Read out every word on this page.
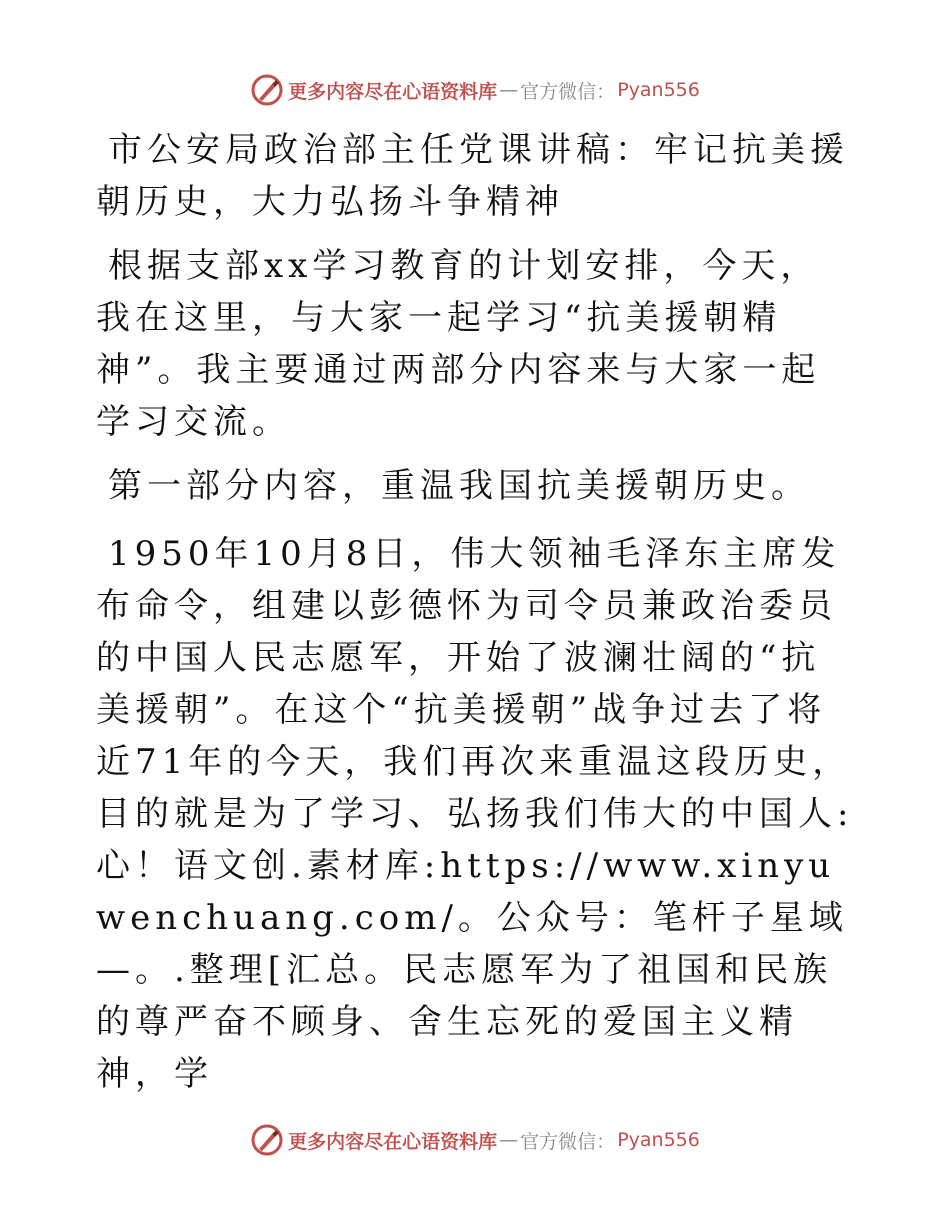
更多内容尽在心语资料库 — 官方微信： Pyan556

市公安局政治部主任党课讲稿：牢记抗美援朝历史，大力弘扬斗争精神

根据支部xx学习教育的计划安排，今天，我在这里，与大家一起学习“抗美援朝精神”。我主要通过两部分内容来与大家一起学习交流。

第一部分内容，重温我国抗美援朝历史。

1950年10月8日，伟大领袖毛泽东主席发布命令，组建以彭德怀为司令员兼政治委员的中国人民志愿军，开始了波澜壮阔的“抗美援朝”。在这个“抗美援朝”战争过去了将近71年的今天，我们再次来重温这段历史，目的就是为了学习、弘扬我们伟大的中国人:心！语文创.素材库:https://www.xinyuwenchuang.com/。公众号：笔杆子星域—。.整理[汇总。民志愿军为了祖国和民族的尊严奋不顾身、舍生忘死的爱国主义精神，学

更多内容尽在心语资料库 — 官方微信： Pyan556
